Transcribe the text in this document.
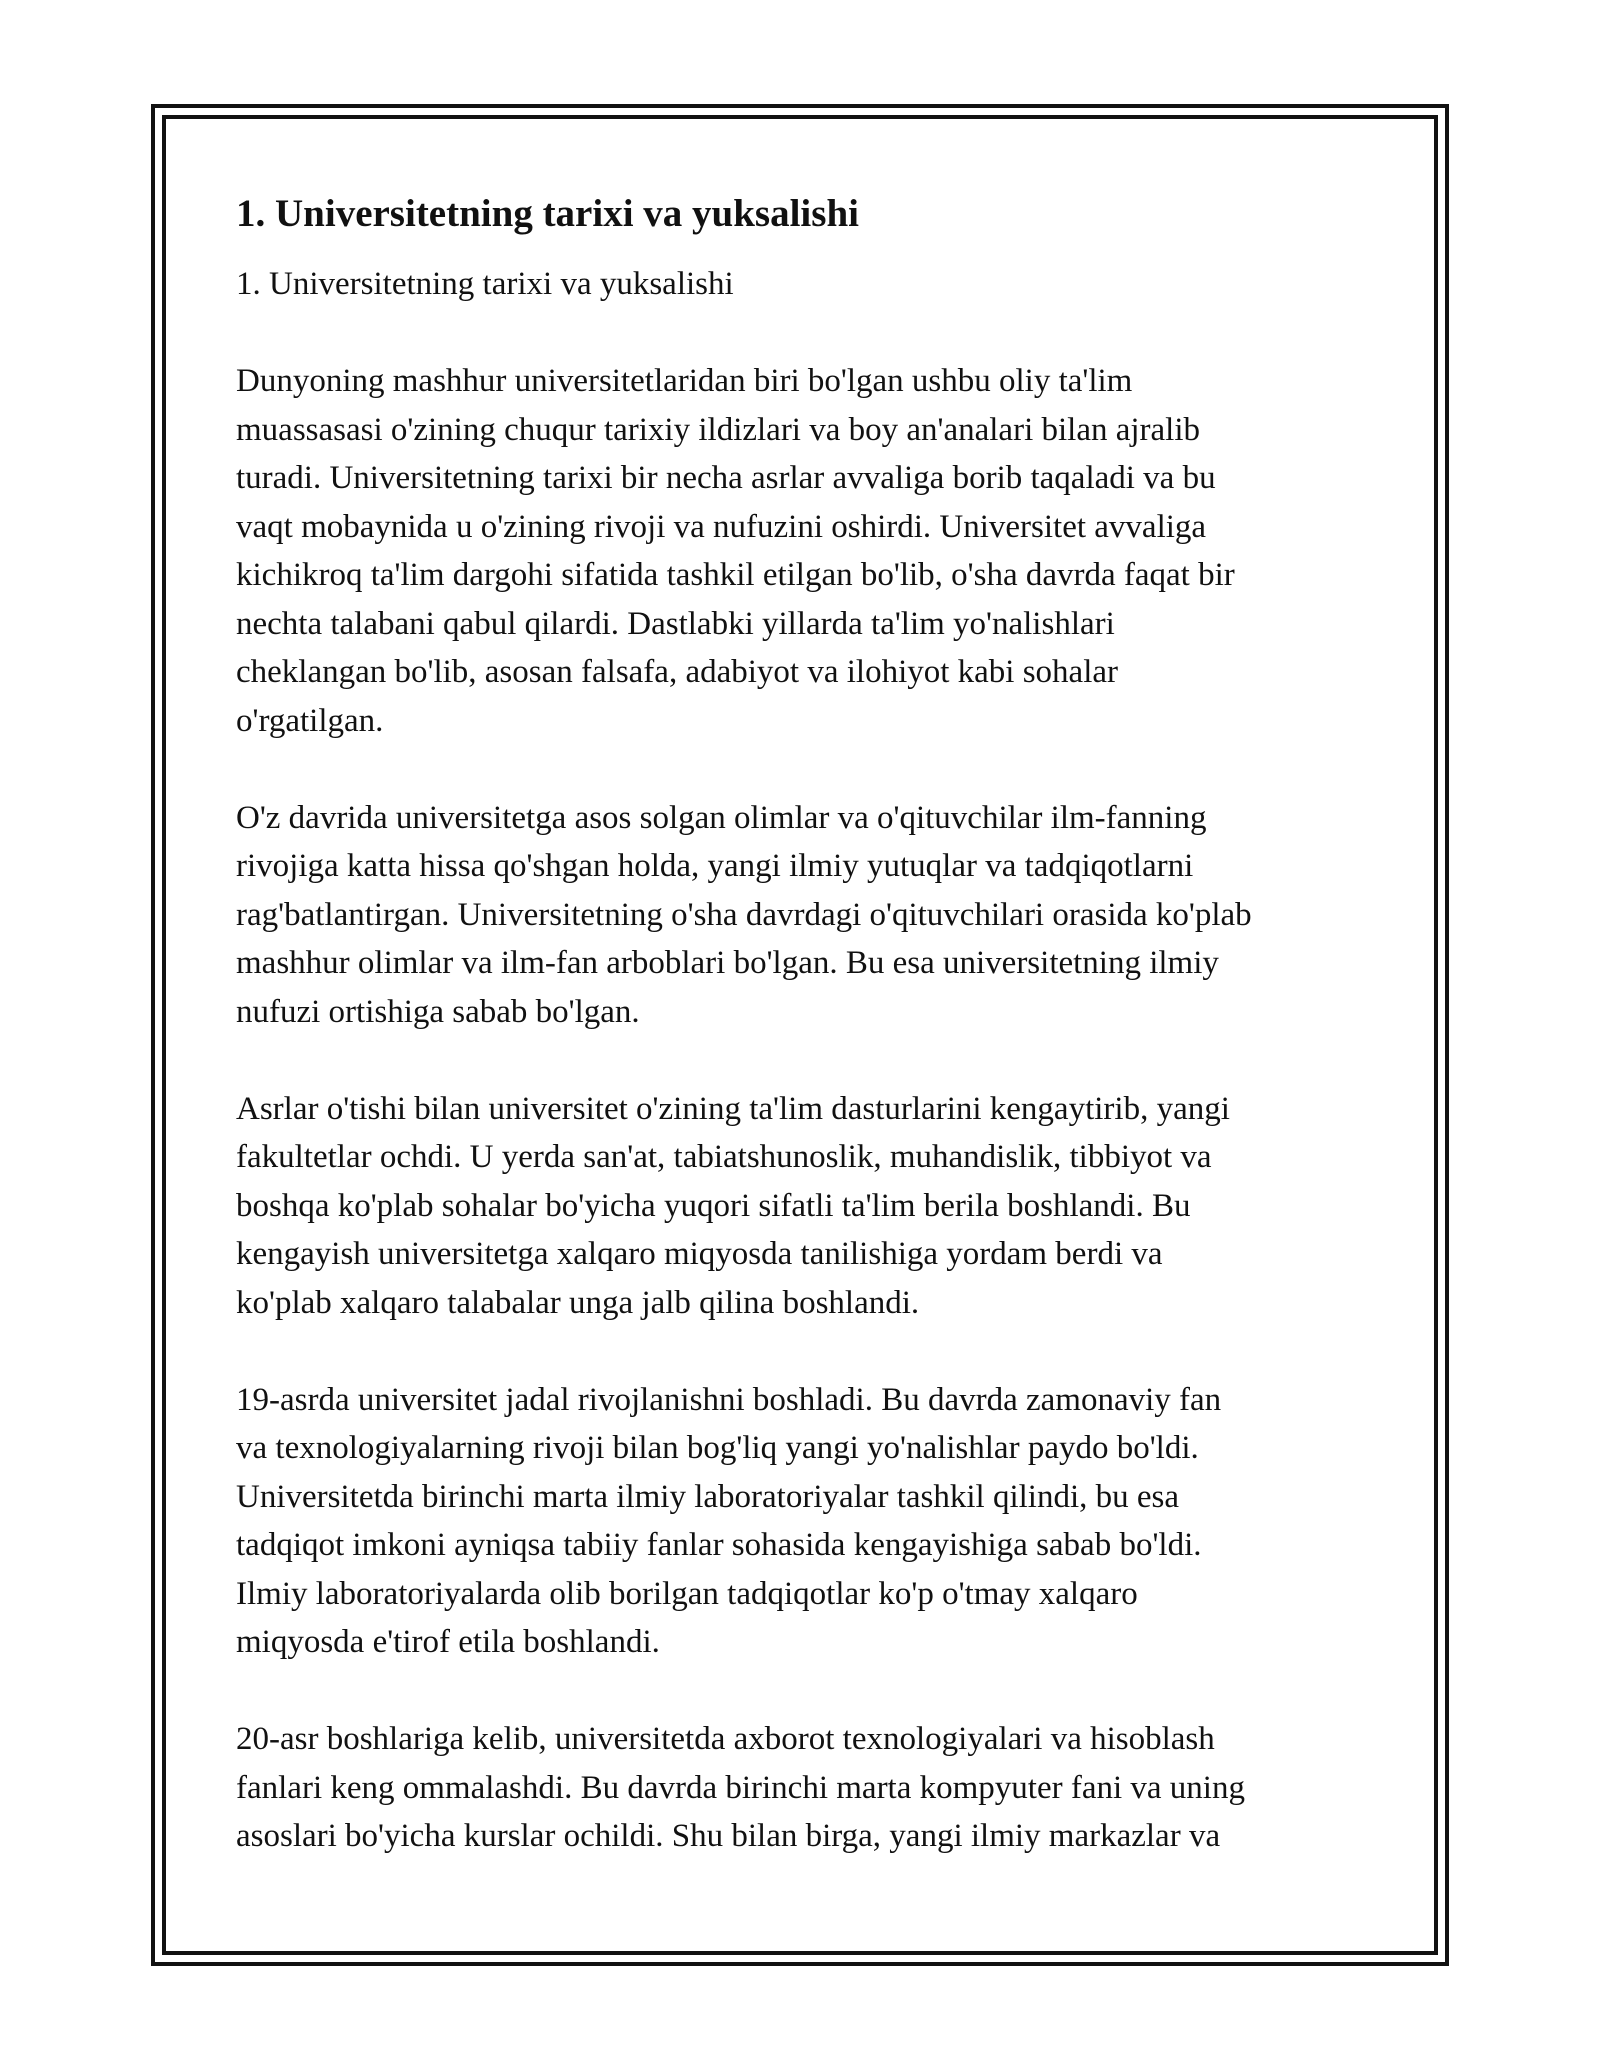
1. Universitetning tarixi va yuksalishi

1. Universitetning tarixi va yuksalishi

Dunyoning mashhur universitetlaridan biri bo'lgan ushbu oliy ta'lim
muassasasi o'zining chuqur tarixiy ildizlari va boy an'analari bilan ajralib
turadi. Universitetning tarixi bir necha asrlar avvaliga borib taqaladi va bu
vaqt mobaynida u o'zining rivoji va nufuzini oshirdi. Universitet avvaliga
kichikroq ta'lim dargohi sifatida tashkil etilgan bo'lib, o'sha davrda faqat bir
nechta talabani qabul qilardi. Dastlabki yillarda ta'lim yo'nalishlari
cheklangan bo'lib, asosan falsafa, adabiyot va ilohiyot kabi sohalar
o'rgatilgan.

O'z davrida universitetga asos solgan olimlar va o'qituvchilar ilm-fanning
rivojiga katta hissa qo'shgan holda, yangi ilmiy yutuqlar va tadqiqotlarni
rag'batlantirgan. Universitetning o'sha davrdagi o'qituvchilari orasida ko'plab
mashhur olimlar va ilm-fan arboblari bo'lgan. Bu esa universitetning ilmiy
nufuzi ortishiga sabab bo'lgan.

Asrlar o'tishi bilan universitet o'zining ta'lim dasturlarini kengaytirib, yangi
fakultetlar ochdi. U yerda san'at, tabiatshunoslik, muhandislik, tibbiyot va
boshqa ko'plab sohalar bo'yicha yuqori sifatli ta'lim berila boshlandi. Bu
kengayish universitetga xalqaro miqyosda tanilishiga yordam berdi va
ko'plab xalqaro talabalar unga jalb qilina boshlandi.

19-asrda universitet jadal rivojlanishni boshladi. Bu davrda zamonaviy fan
va texnologiyalarning rivoji bilan bog'liq yangi yo'nalishlar paydo bo'ldi.
Universitetda birinchi marta ilmiy laboratoriyalar tashkil qilindi, bu esa
tadqiqot imkoni ayniqsa tabiiy fanlar sohasida kengayishiga sabab bo'ldi.
Ilmiy laboratoriyalarda olib borilgan tadqiqotlar ko'p o'tmay xalqaro
miqyosda e'tirof etila boshlandi.

20-asr boshlariga kelib, universitetda axborot texnologiyalari va hisoblash
fanlari keng ommalashdi. Bu davrda birinchi marta kompyuter fani va uning
asoslari bo'yicha kurslar ochildi. Shu bilan birga, yangi ilmiy markazlar va
